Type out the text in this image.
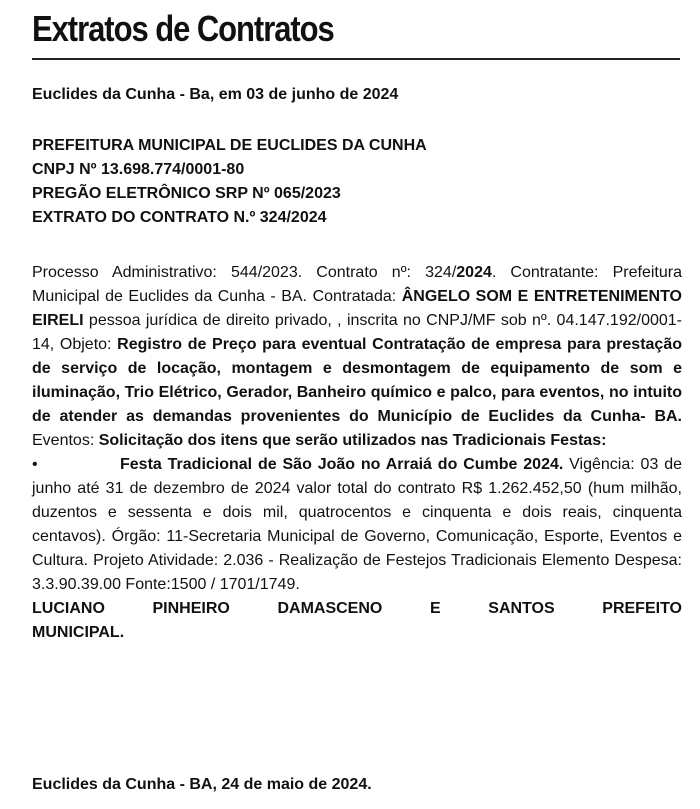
Extratos de Contratos
Euclides da Cunha - Ba, em 03 de junho de 2024
PREFEITURA MUNICIPAL DE EUCLIDES DA CUNHA
CNPJ Nº 13.698.774/0001-80
PREGÃO ELETRÔNICO SRP Nº 065/2023
EXTRATO DO CONTRATO N.º 324/2024
Processo Administrativo: 544/2023. Contrato nº: 324/2024. Contratante: Prefeitura Municipal de Euclides da Cunha - BA. Contratada: ÂNGELO SOM E ENTRETENIMENTO EIRELI pessoa jurídica de direito privado, , inscrita no CNPJ/MF sob nº. 04.147.192/0001-14, Objeto: Registro de Preço para eventual Contratação de empresa para prestação de serviço de locação, montagem e desmontagem de equipamento de som e iluminação, Trio Elétrico, Gerador, Banheiro químico e palco, para eventos, no intuito de atender as demandas provenientes do Município de Euclides da Cunha- BA. Eventos: Solicitação dos itens que serão utilizados nas Tradicionais Festas:
•	Festa Tradicional de São João no Arraiá do Cumbe 2024. Vigência: 03 de junho até 31 de dezembro de 2024 valor total do contrato R$ 1.262.452,50 (hum milhão, duzentos e sessenta e dois mil, quatrocentos e cinquenta e dois reais, cinquenta centavos). Órgão: 11-Secretaria Municipal de Governo, Comunicação, Esporte, Eventos e Cultura. Projeto Atividade: 2.036 - Realização de Festejos Tradicionais Elemento Despesa: 3.3.90.39.00 Fonte:1500 / 1701/1749.
LUCIANO PINHEIRO DAMASCENO E SANTOS PREFEITO
MUNICIPAL.
Euclides da Cunha - BA, 24 de maio de 2024.
